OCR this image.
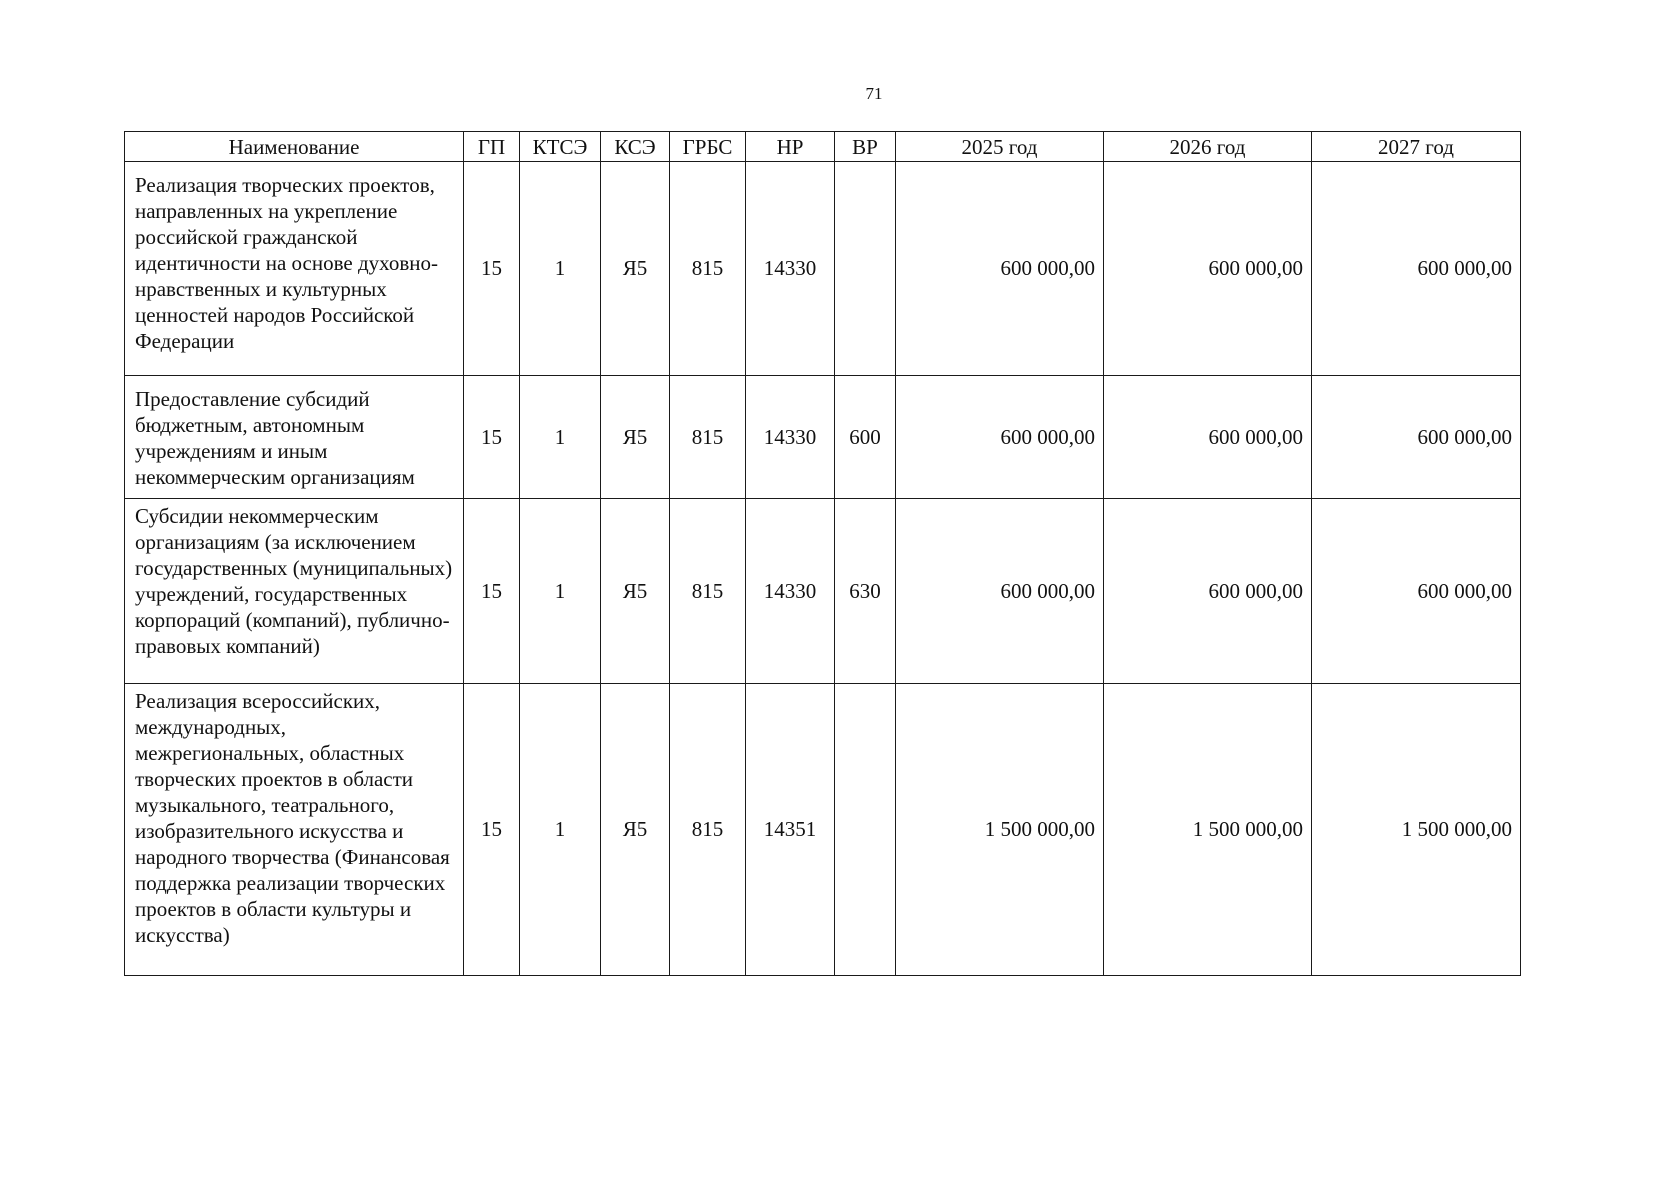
71
Наименование	ГП	КТСЭ	КСЭ	ГРБС	НР	ВР	2025 год	2026 год	2027 год
Реализация творческих проектов, направленных на укрепление российской гражданской идентичности на основе духовно-нравственных и культурных ценностей народов Российской Федерации	15	1	Я5	815	14330		600 000,00	600 000,00	600 000,00
Предоставление субсидий бюджетным, автономным учреждениям и иным некоммерческим организациям	15	1	Я5	815	14330	600	600 000,00	600 000,00	600 000,00
Субсидии некоммерческим организациям (за исключением государственных (муниципальных) учреждений, государственных корпораций (компаний), публично-правовых компаний)	15	1	Я5	815	14330	630	600 000,00	600 000,00	600 000,00
Реализация всероссийских, международных, межрегиональных, областных творческих проектов в области музыкального, театрального, изобразительного искусства и народного творчества (Финансовая поддержка реализации творческих проектов в области культуры и искусства)	15	1	Я5	815	14351		1 500 000,00	1 500 000,00	1 500 000,00
